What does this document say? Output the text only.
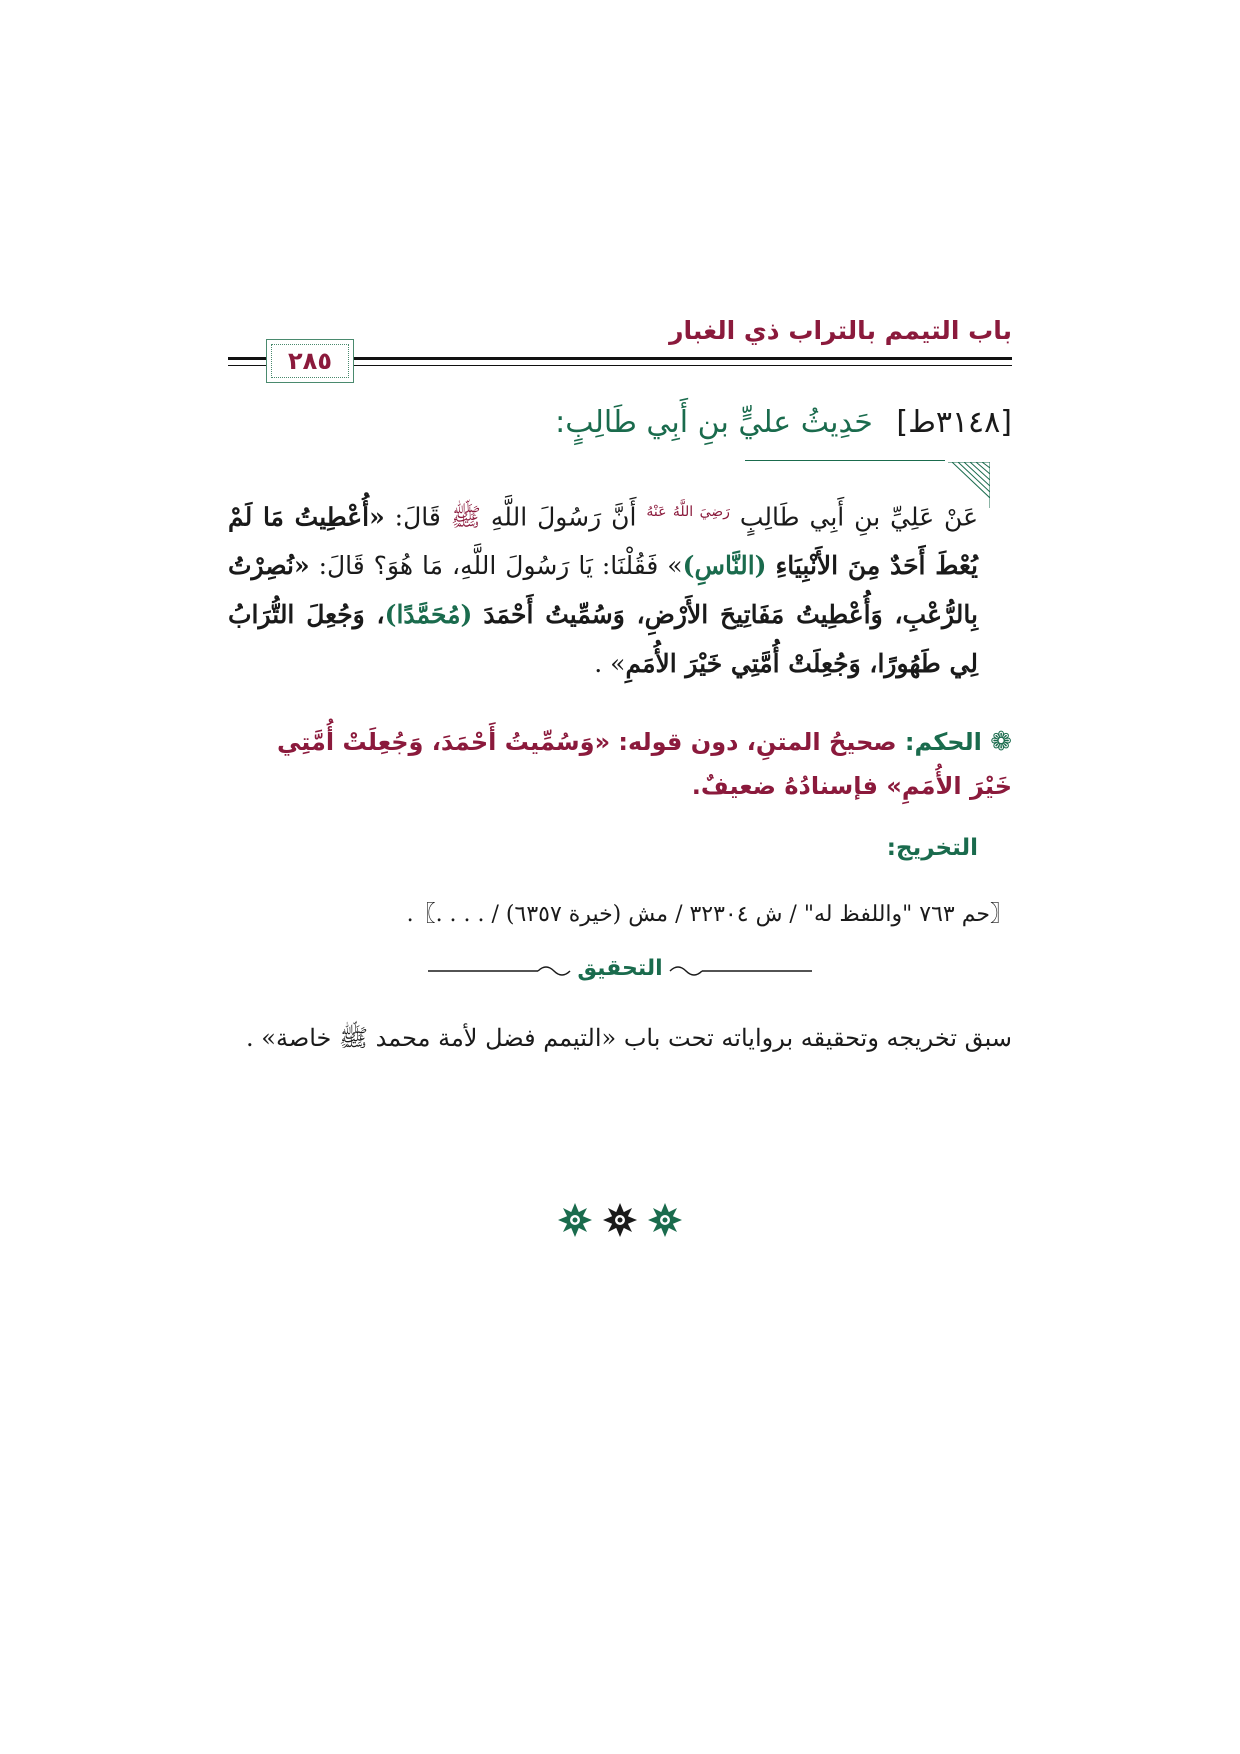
باب التيمم بالتراب ذي الغبار
٢٨٥
[٣١٤٨ط] حَدِيثُ عليٍّ بنِ أَبِي طَالِبٍ:
عَنْ عَلِيِّ بنِ أَبِي طَالِبٍ $^{رَضِيَ اللَّهُ عَنْهُ}$ أَنَّ رَسُولَ اللَّهِ ﷺ قَالَ: «أُعْطِيتُ مَا لَمْ يُعْطَ أَحَدٌ مِنَ الأَنْبِيَاءِ (النَّاسِ)» فَقُلْنَا: يَا رَسُولَ اللَّهِ، مَا هُوَ؟ قَالَ: «نُصِرْتُ بِالرُّعْبِ، وَأُعْطِيتُ مَفَاتِيحَ الأَرْضِ، وَسُمِّيتُ أَحْمَدَ (مُحَمَّدًا)، وَجُعِلَ التُّرَابُ لِي طَهُورًا، وَجُعِلَتْ أُمَّتِي خَيْرَ الأُمَمِ» .
❁ الحكم: صحيحُ المتنِ، دون قوله: «وَسُمِّيتُ أَحْمَدَ، وَجُعِلَتْ أُمَّتِي خَيْرَ الأُمَمِ» فإسنادُهُ ضعيفٌ.
التخريج:
〖حم ٧٦٣ "واللفظ له" / ش ٣٢٣٠٤ / مش (خيرة ٦٣٥٧) / . . . .〗.
التحقيق
سبق تخريجه وتحقيقه برواياته تحت باب «التيمم فضل لأمة محمد ﷺ خاصة» .
